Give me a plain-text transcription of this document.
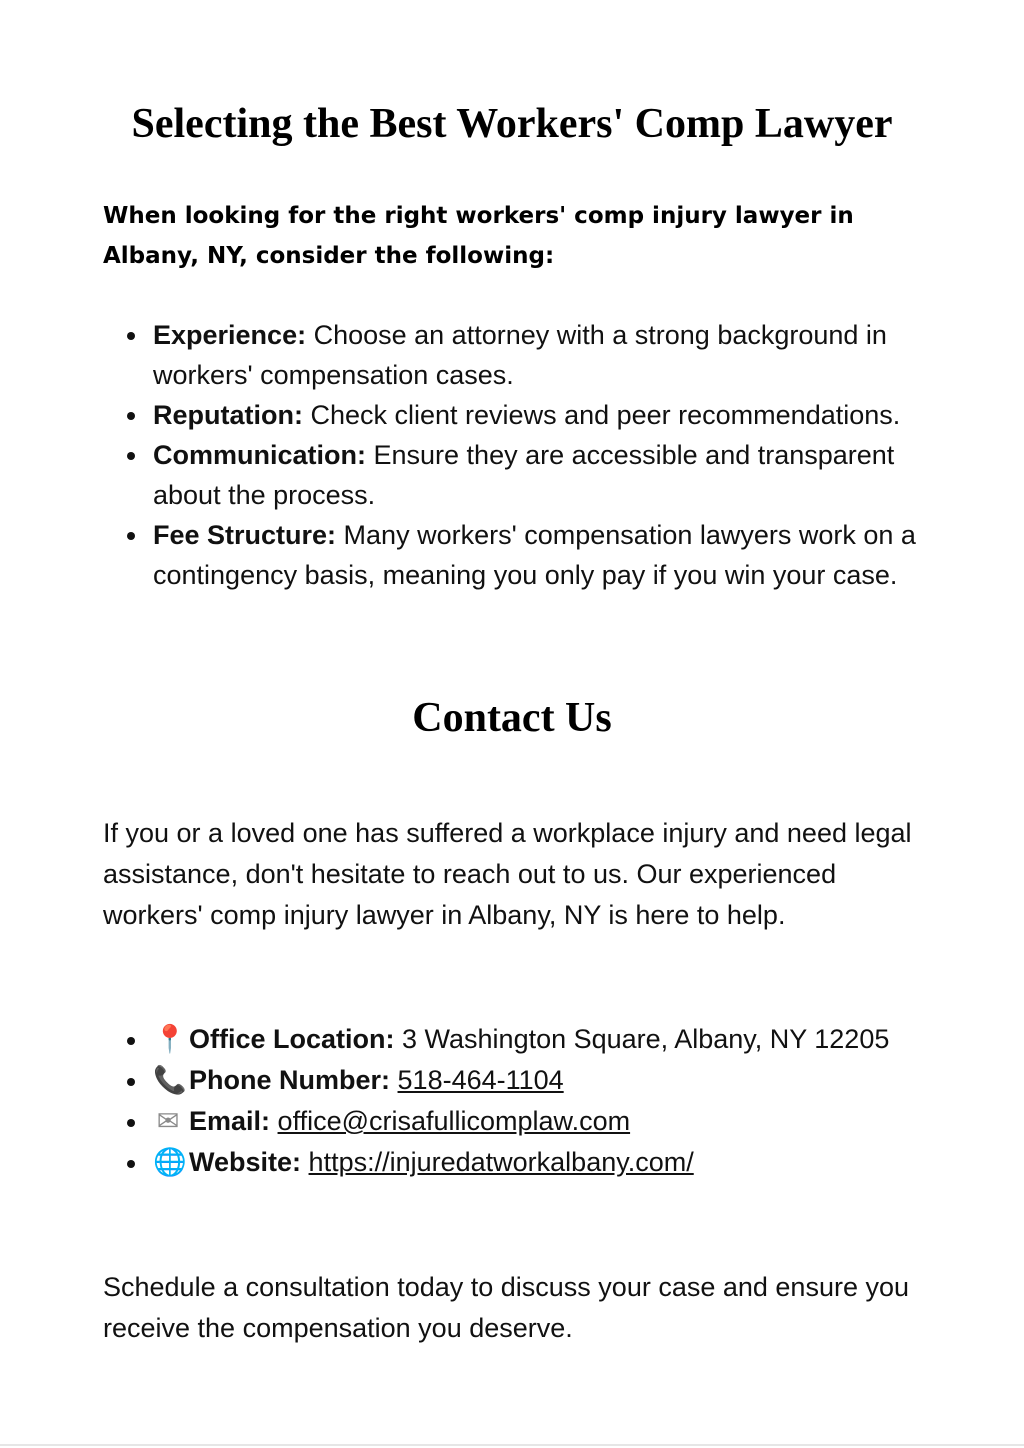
Selecting the Best Workers' Comp Lawyer

When looking for the right workers' comp injury lawyer in Albany, NY, consider the following:

Experience: Choose an attorney with a strong background in workers' compensation cases.
Reputation: Check client reviews and peer recommendations.
Communication: Ensure they are accessible and transparent about the process.
Fee Structure: Many workers' compensation lawyers work on a contingency basis, meaning you only pay if you win your case.
Contact Us

If you or a loved one has suffered a workplace injury and need legal assistance, don't hesitate to reach out to us. Our experienced workers' comp injury lawyer in Albany, NY is here to help.

📍Office Location: 3 Washington Square, Albany, NY 12205
📞Phone Number: 518-464-1104
✉ Email: office@crisafullicomplaw.com
🌐Website: https://injuredatworkalbany.com/

Schedule a consultation today to discuss your case and ensure you receive the compensation you deserve.
